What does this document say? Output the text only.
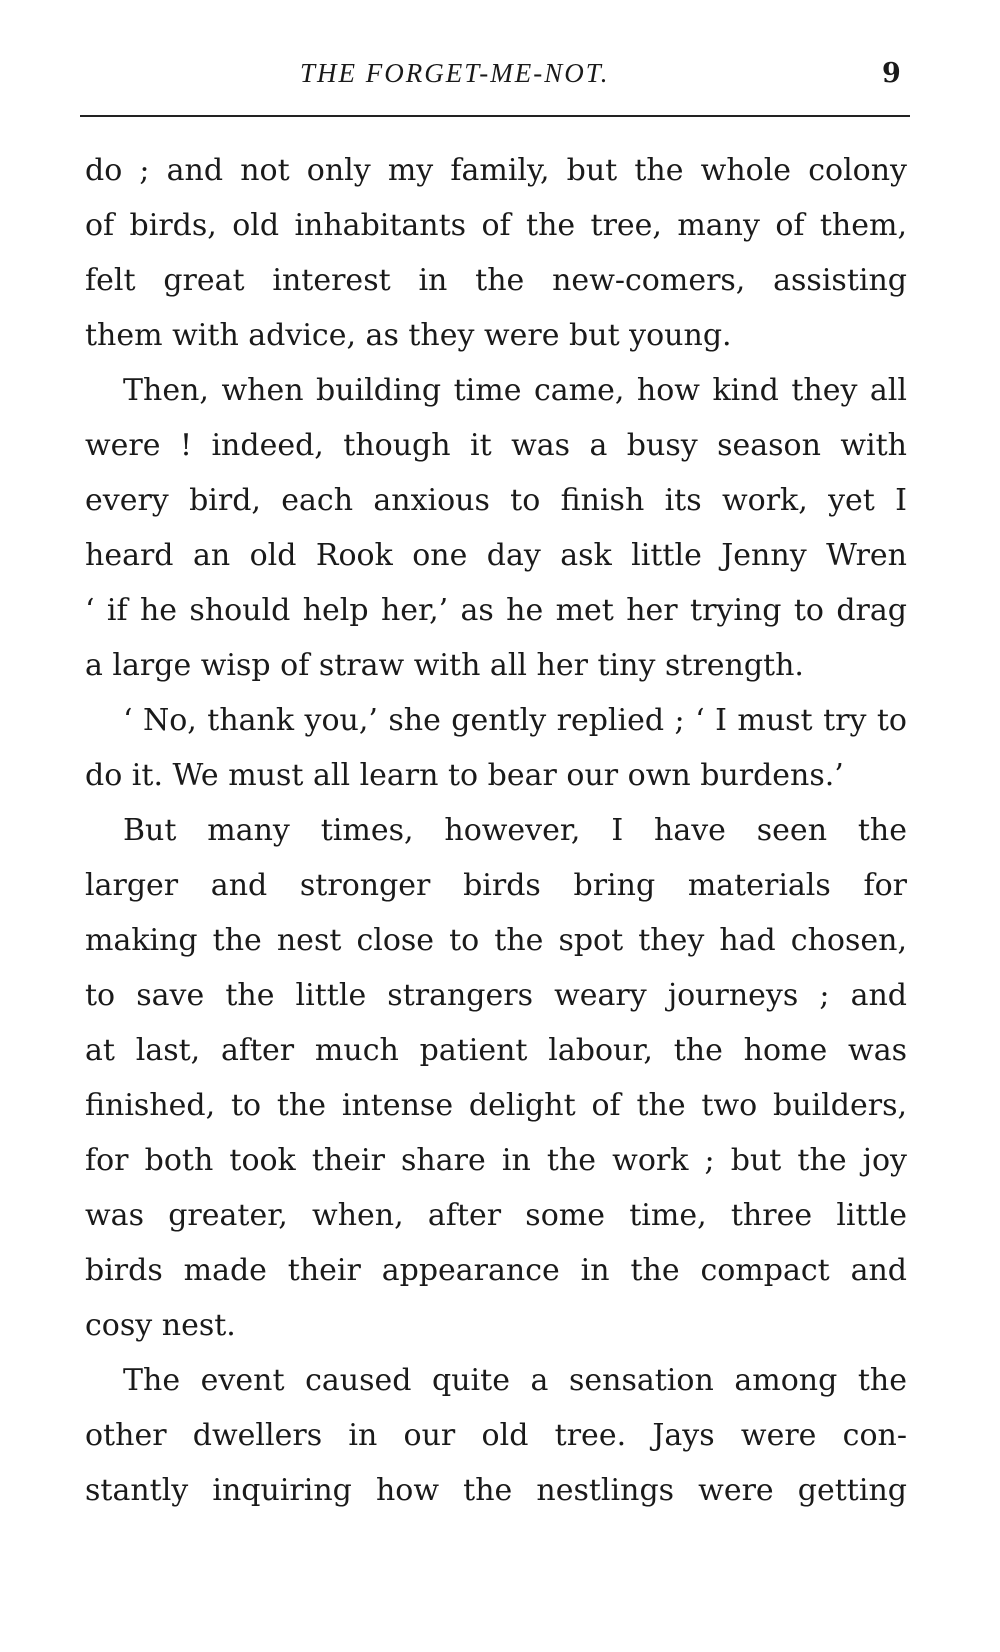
THE FORGET-ME-NOT.	9
do ; and not only my family, but the whole colony
of birds, old inhabitants of the tree, many of them,
felt great interest in the new-comers, assisting
them with advice, as they were but young.
Then, when building time came, how kind they all
were ! indeed, though it was a busy season with
every bird, each anxious to finish its work, yet I
heard an old Rook one day ask little Jenny Wren
‘ if he should help her,’ as he met her trying to drag
a large wisp of straw with all her tiny strength.
‘ No, thank you,’ she gently replied ; ‘ I must try to
do it. We must all learn to bear our own burdens.’
But many times, however, I have seen the
larger and stronger birds bring materials for
making the nest close to the spot they had chosen,
to save the little strangers weary journeys ; and
at last, after much patient labour, the home was
finished, to the intense delight of the two builders,
for both took their share in the work ; but the joy
was greater, when, after some time, three little
birds made their appearance in the compact and
cosy nest.
The event caused quite a sensation among the
other dwellers in our old tree. Jays were con-
stantly inquiring how the nestlings were getting
